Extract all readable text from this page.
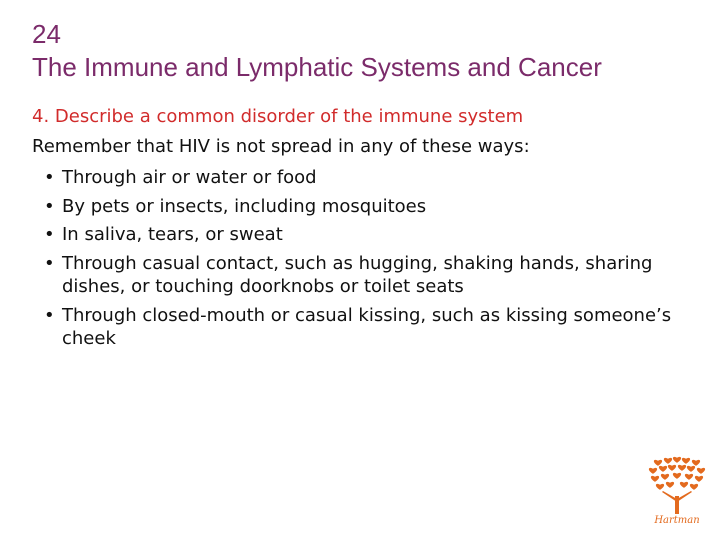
24
The Immune and Lymphatic Systems and Cancer
4. Describe a common disorder of the immune system
Remember that HIV is not spread in any of these ways:
• Through air or water or food
• By pets or insects, including mosquitoes
• In saliva, tears, or sweat
• Through casual contact, such as hugging, shaking hands, sharing dishes, or touching doorknobs or toilet seats
• Through closed-mouth or casual kissing, such as kissing someone’s cheek
Hartman
